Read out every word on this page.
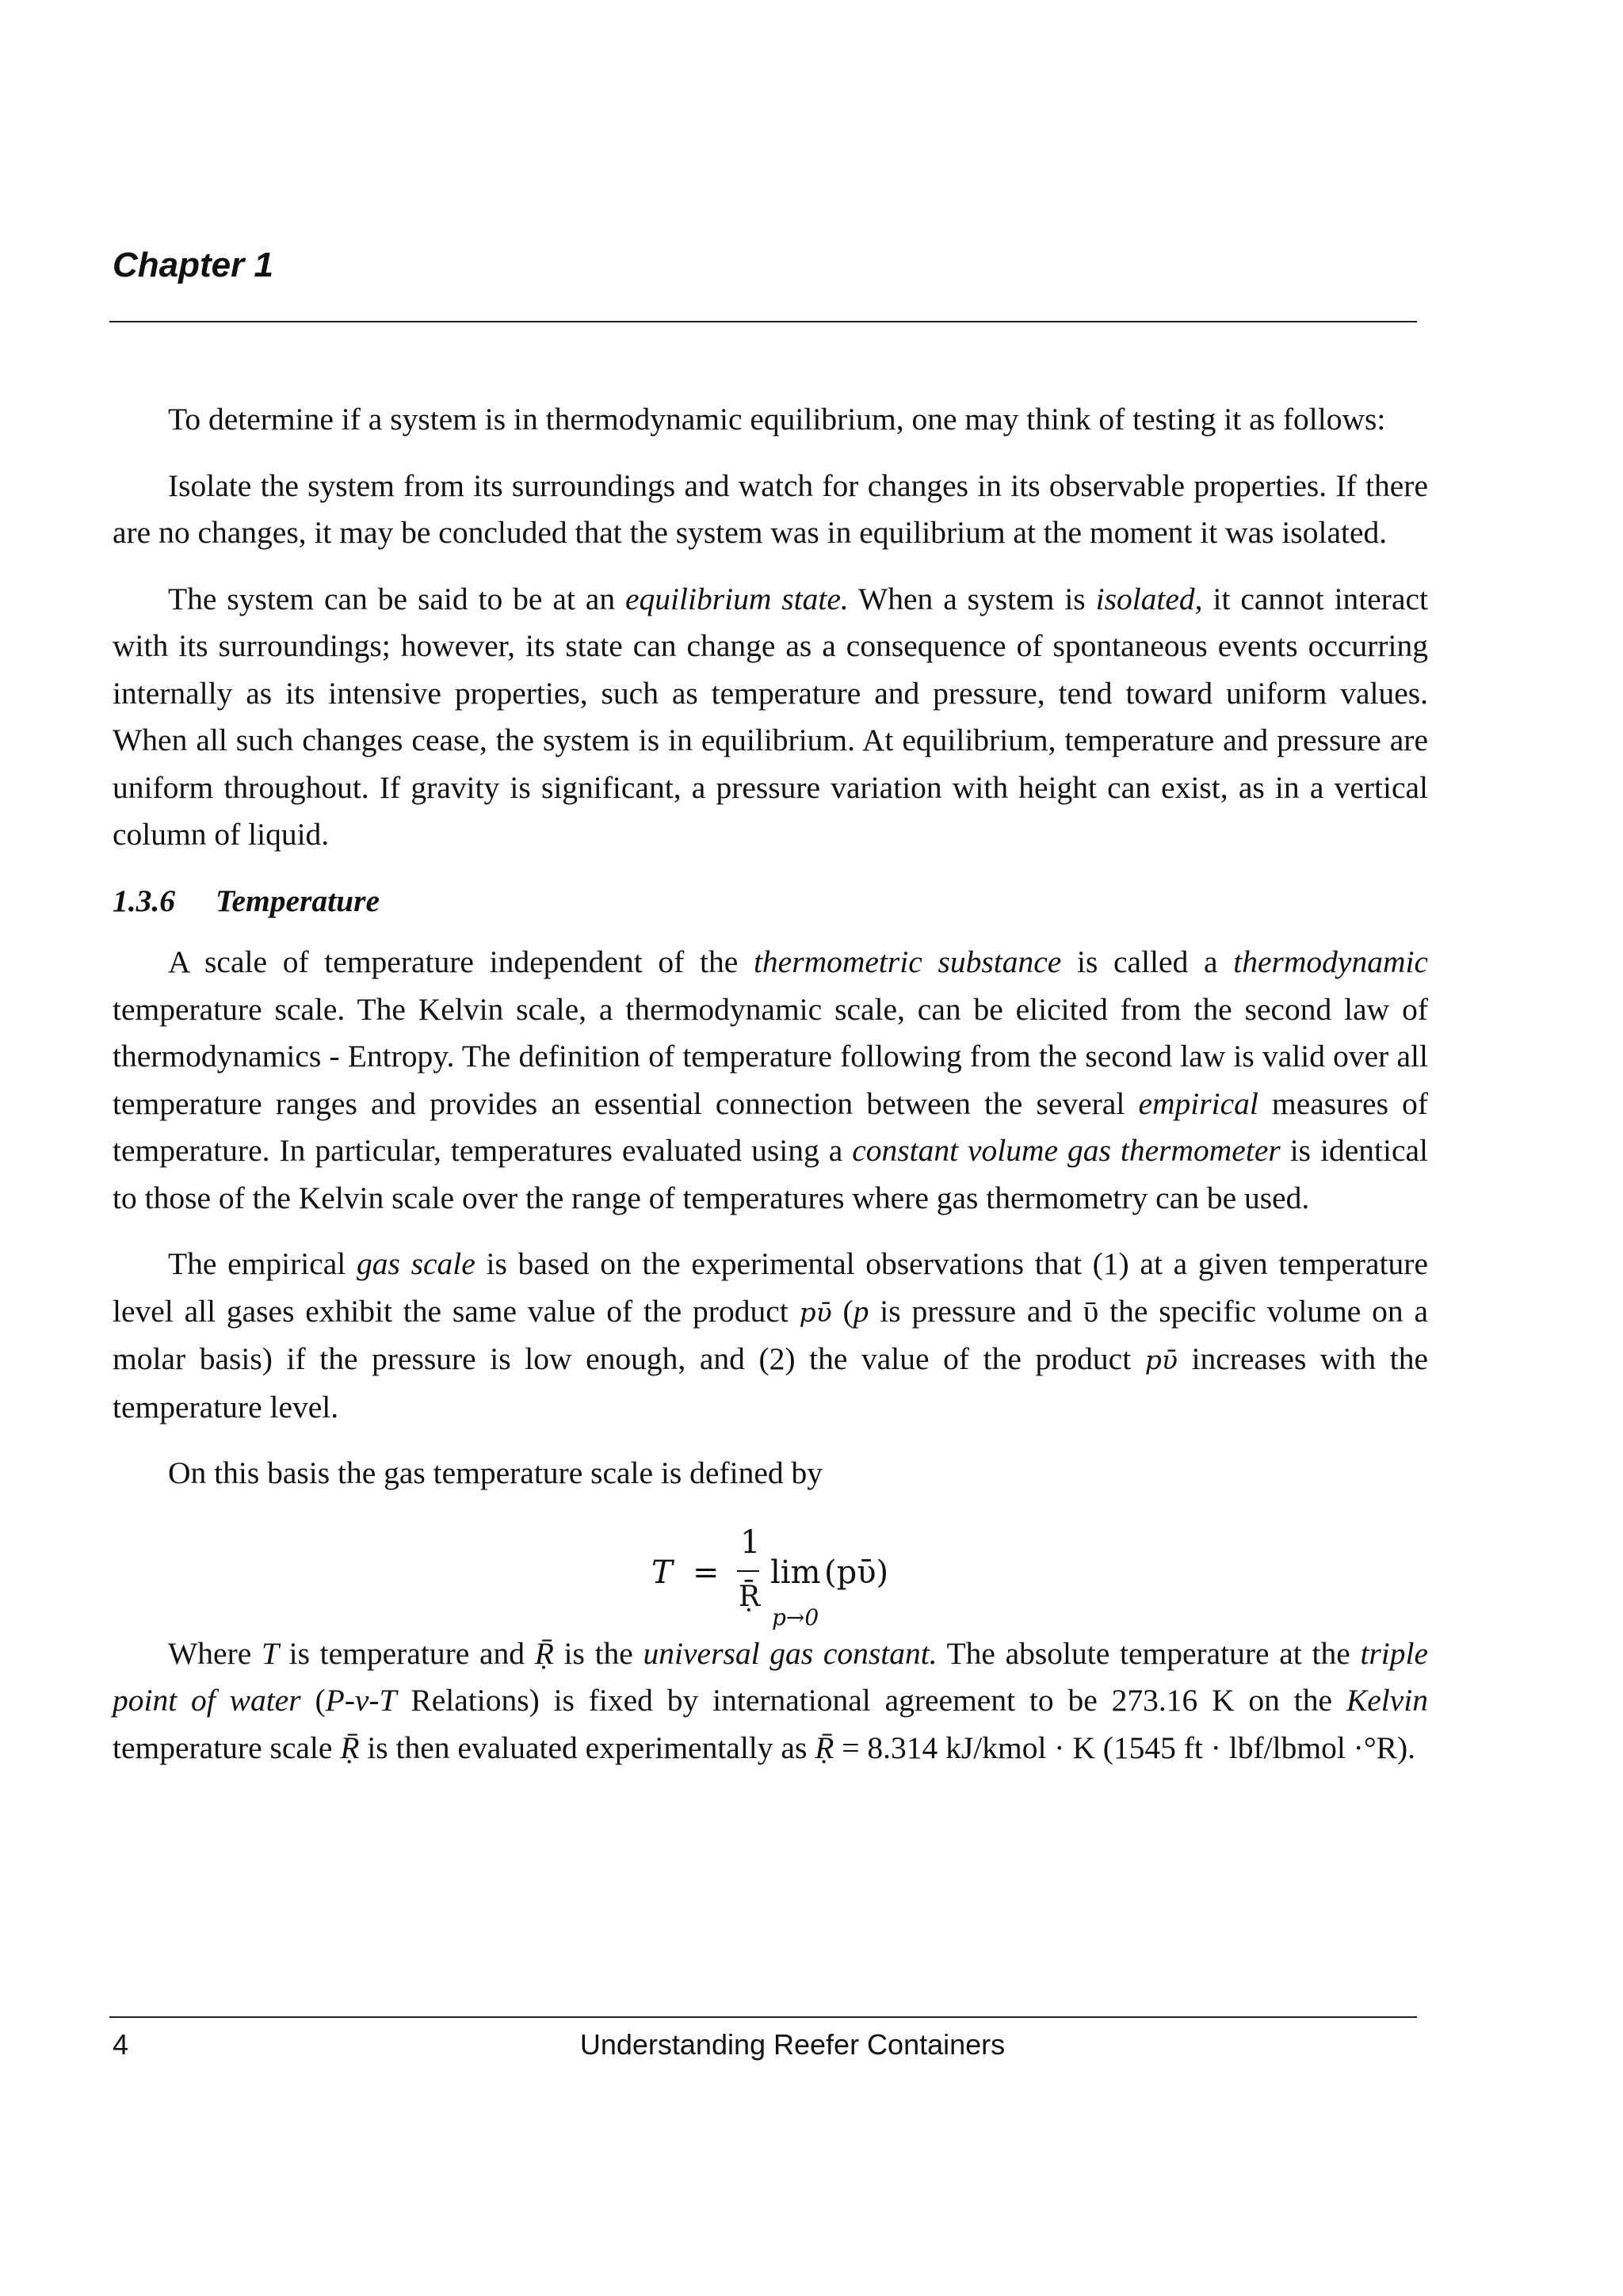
Chapter 1

To determine if a system is in thermodynamic equilibrium, one may think of testing it as follows:

Isolate the system from its surroundings and watch for changes in its observable properties. If there are no changes, it may be concluded that the system was in equilibrium at the moment it was isolated.

The system can be said to be at an equilibrium state. When a system is isolated, it cannot interact with its surroundings; however, its state can change as a consequence of spontaneous events occurring internally as its intensive properties, such as temperature and pressure, tend toward uniform values. When all such changes cease, the system is in equilibrium. At equilibrium, temperature and pressure are uniform throughout. If gravity is significant, a pressure variation with height can exist, as in a vertical column of liquid.

1.3.6 Temperature

A scale of temperature independent of the thermometric substance is called a thermodynamic temperature scale. The Kelvin scale, a thermodynamic scale, can be elicited from the second law of thermodynamics - Entropy. The definition of temperature following from the second law is valid over all temperature ranges and provides an essential connection between the several empirical measures of temperature. In particular, temperatures evaluated using a constant volume gas thermometer is identical to those of the Kelvin scale over the range of temperatures where gas thermometry can be used.

The empirical gas scale is based on the experimental observations that (1) at a given temperature level all gases exhibit the same value of the product pῡ (p is pressure and ῡ the specific volume on a molar basis) if the pressure is low enough, and (2) the value of the product pῡ increases with the temperature level.

On this basis the gas temperature scale is defined by

T =
1
Ṝ
lim
p→0
(pῡ)

Where T is temperature and Ṝ is the universal gas constant. The absolute temperature at the triple point of water (P-v-T Relations) is fixed by international agreement to be 273.16 K on the Kelvin temperature scale Ṝ is then evaluated experimentally as Ṝ = 8.314 kJ/kmol · K (1545 ft · lbf/lbmol ·°R).

4	Understanding Reefer Containers
